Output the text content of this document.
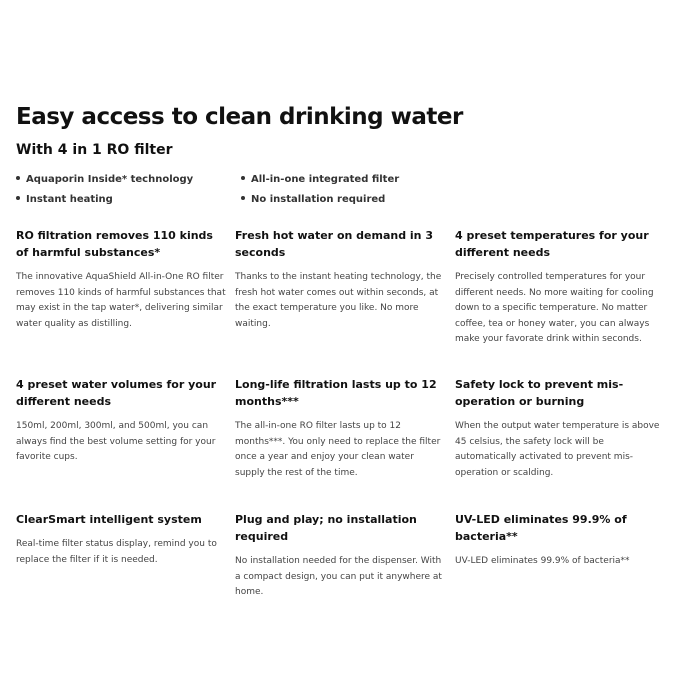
Easy access to clean drinking water
With 4 in 1 RO filter
Aquaporin Inside* technology	All-in-one integrated filter
Instant heating	No installation required
RO filtration removes 110 kinds of harmful substances*

The innovative AquaShield All-in-One RO filter removes 110 kinds of harmful substances that may exist in the tap water*, delivering similar water quality as distilling.

Fresh hot water on demand in 3 seconds

Thanks to the instant heating technology, the fresh hot water comes out within seconds, at the exact temperature you like. No more waiting.

4 preset temperatures for your different needs

Precisely controlled temperatures for your different needs. No more waiting for cooling down to a specific temperature. No matter coffee, tea or honey water, you can always make your favorate drink within seconds.

4 preset water volumes for your different needs

150ml, 200ml, 300ml, and 500ml, you can always find the best volume setting for your favorite cups.

Long-life filtration lasts up to 12 months***

The all-in-one RO filter lasts up to 12 months***. You only need to replace the filter once a year and enjoy your clean water supply the rest of the time.

Safety lock to prevent mis-operation or burning

When the output water temperature is above 45 celsius, the safety lock will be automatically activated to prevent mis-operation or scalding.

ClearSmart intelligent system

Real-time filter status display, remind you to replace the filter if it is needed.

Plug and play; no installation required

No installation needed for the dispenser. With a compact design, you can put it anywhere at home.

UV-LED eliminates 99.9% of bacteria**

UV-LED eliminates 99.9% of bacteria**
